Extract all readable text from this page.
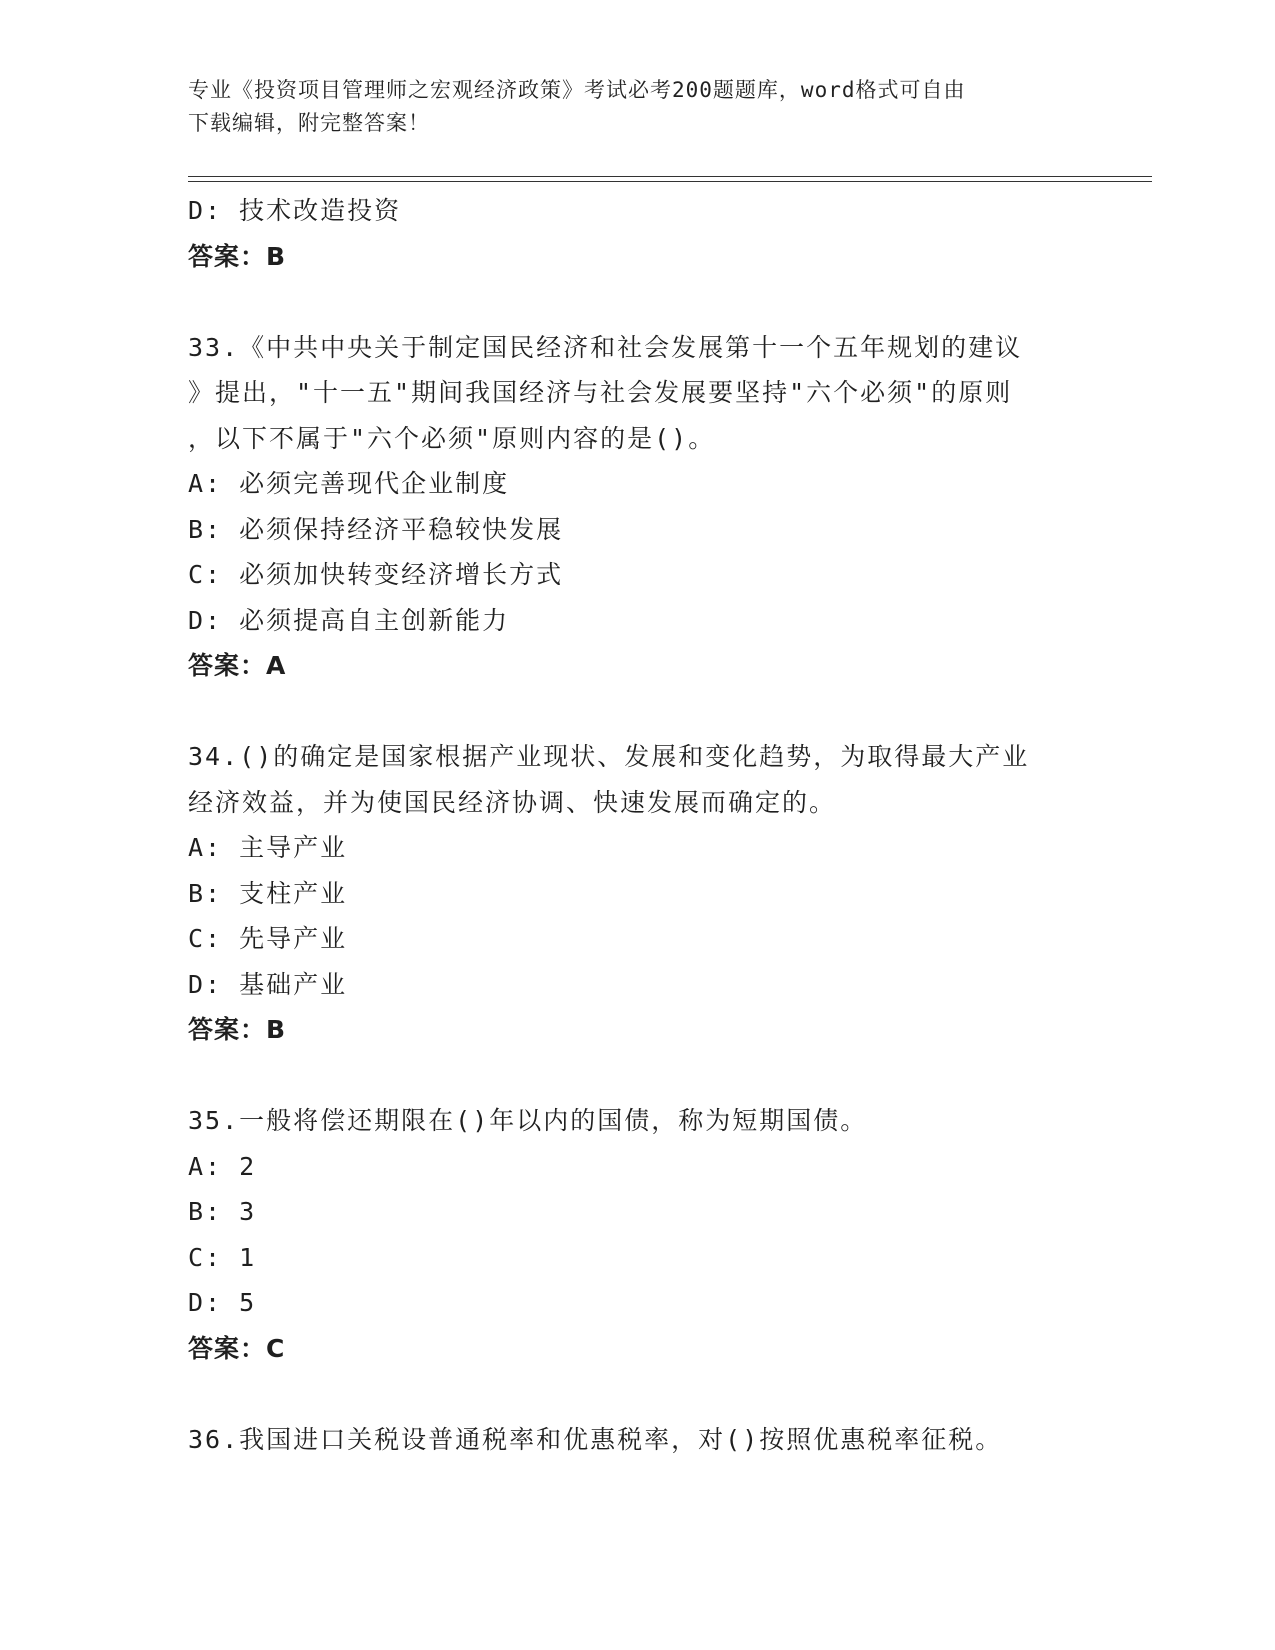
专业《投资项目管理师之宏观经济政策》考试必考200题题库，word格式可自由
下载编辑，附完整答案！
D: 技术改造投资
答案：B
33.《中共中央关于制定国民经济和社会发展第十一个五年规划的建议
》提出，"十一五"期间我国经济与社会发展要坚持"六个必须"的原则
，以下不属于"六个必须"原则内容的是()。
A: 必须完善现代企业制度
B: 必须保持经济平稳较快发展
C: 必须加快转变经济增长方式
D: 必须提高自主创新能力
答案：A
34.()的确定是国家根据产业现状、发展和变化趋势，为取得最大产业
经济效益，并为使国民经济协调、快速发展而确定的。
A: 主导产业
B: 支柱产业
C: 先导产业
D: 基础产业
答案：B
35.一般将偿还期限在()年以内的国债，称为短期国债。
A: 2
B: 3
C: 1
D: 5
答案：C
36.我国进口关税设普通税率和优惠税率，对()按照优惠税率征税。
